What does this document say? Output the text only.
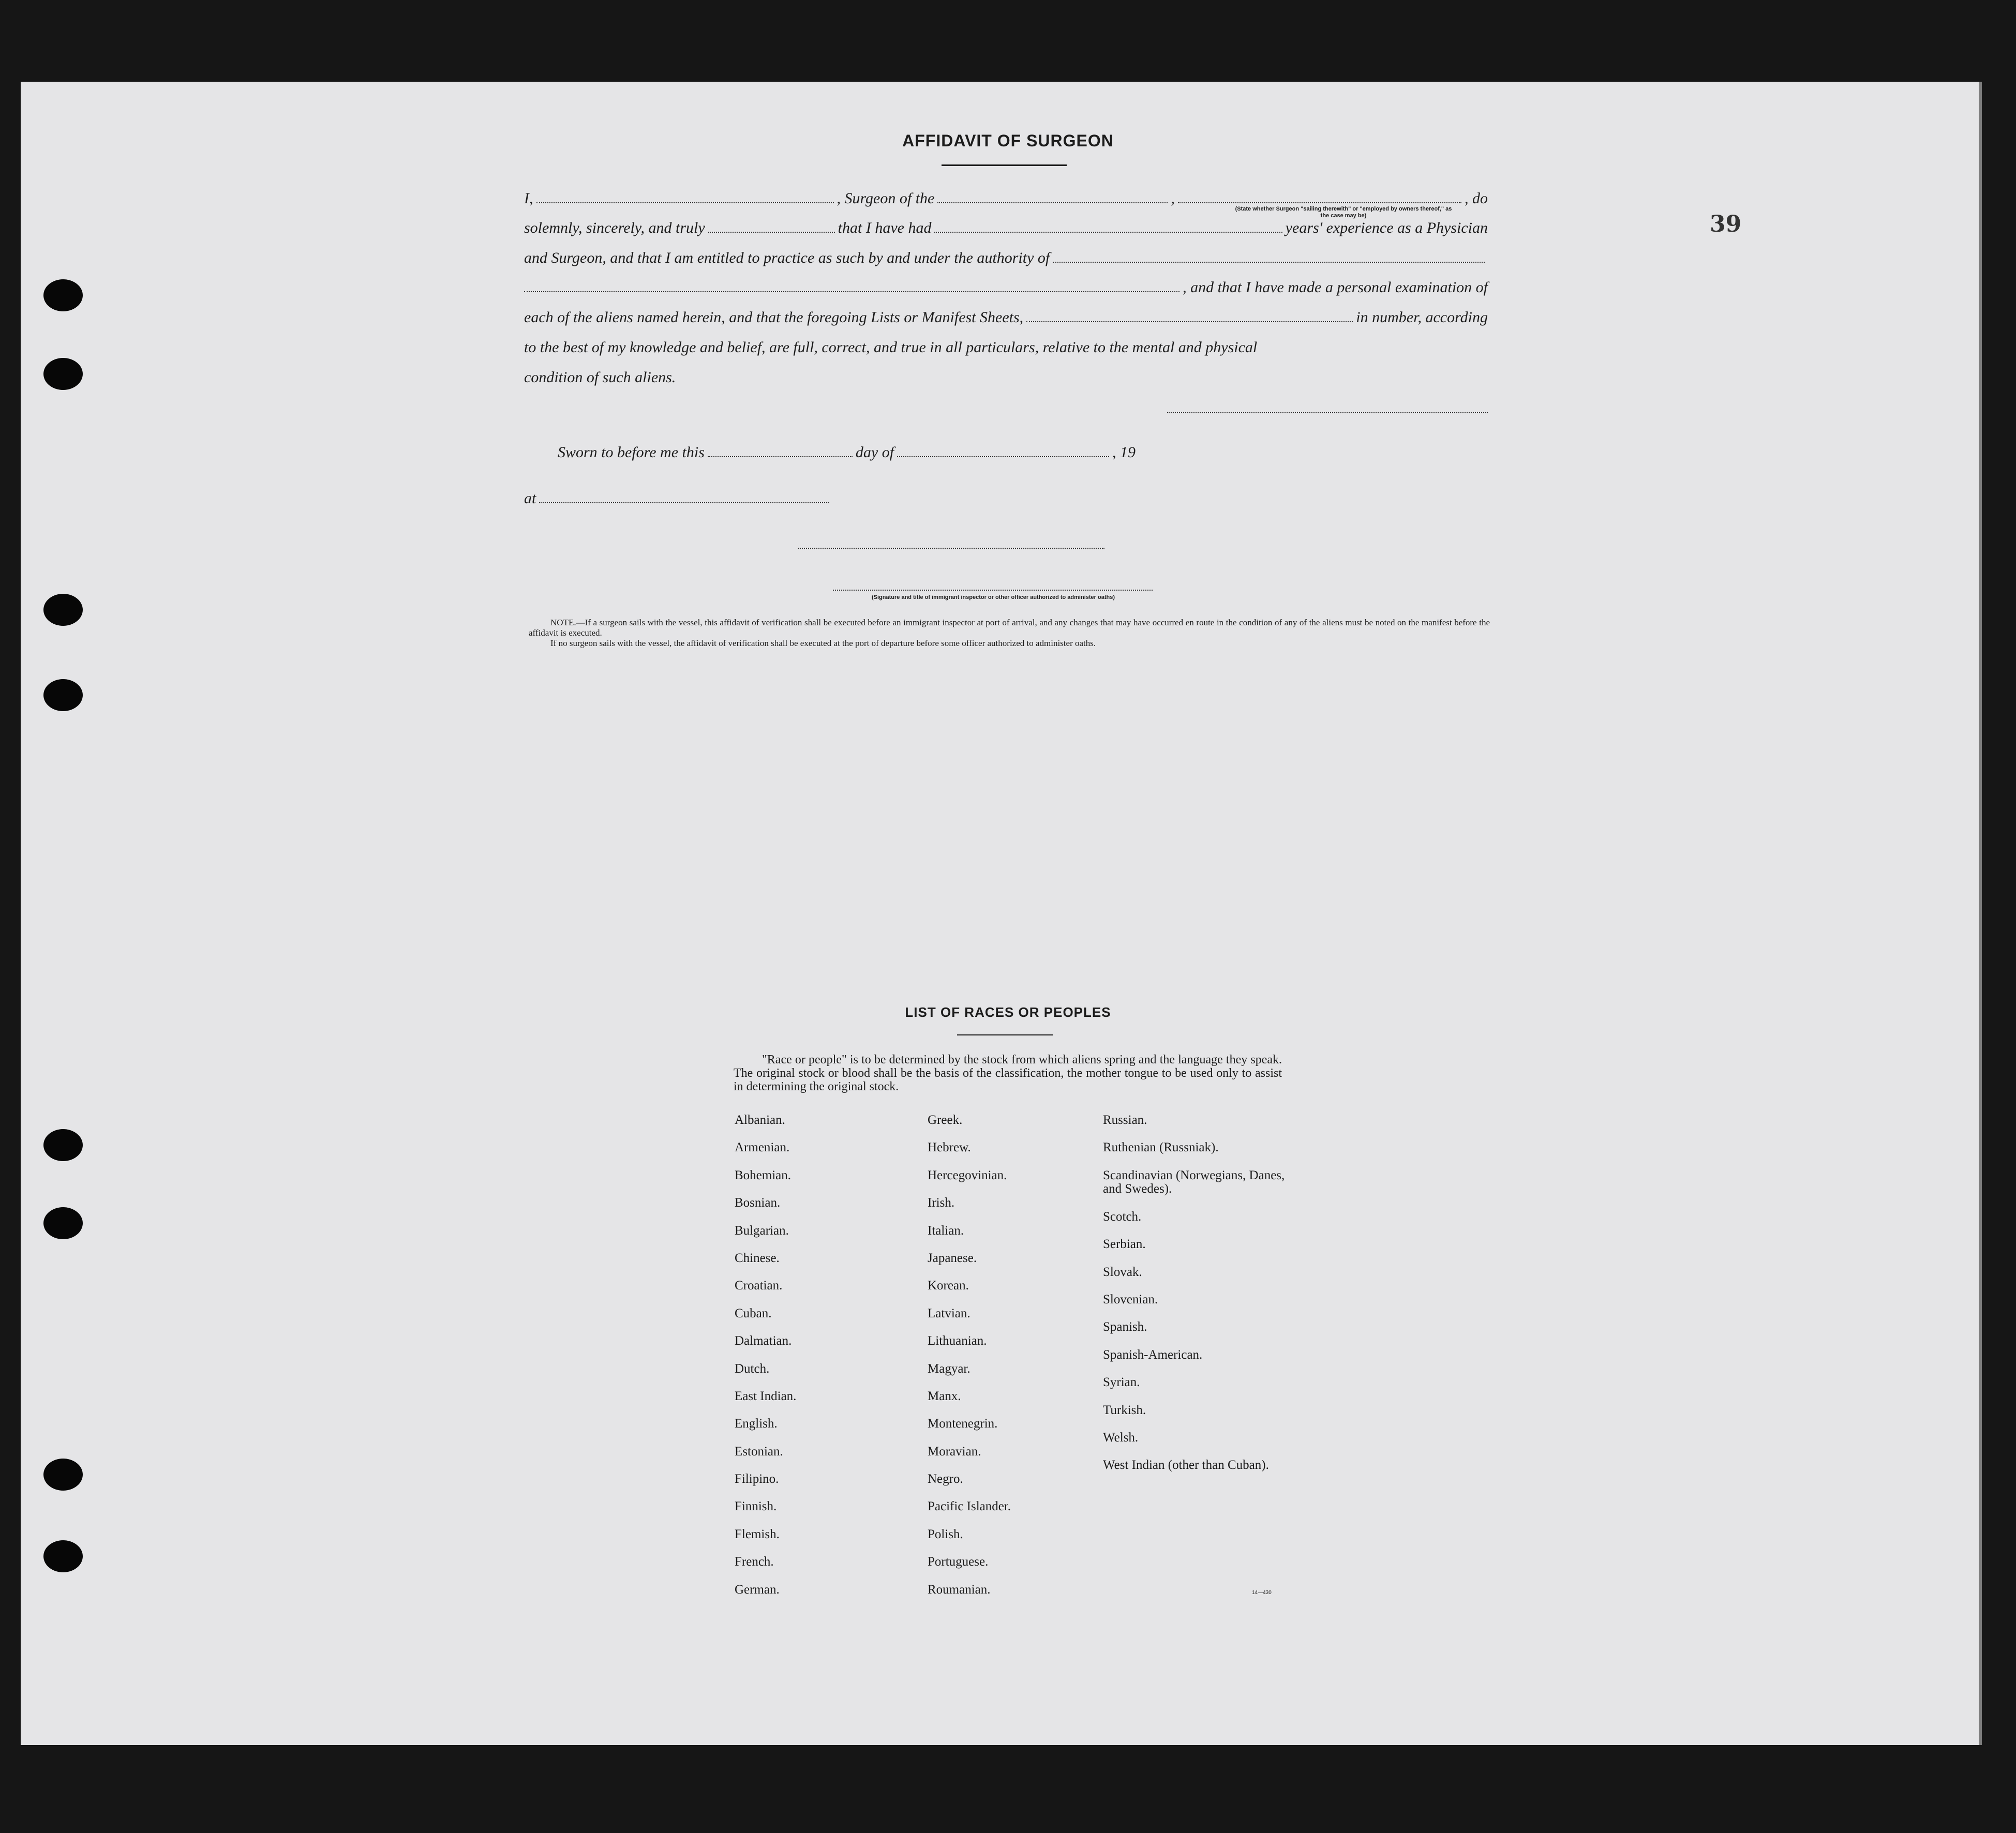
39
AFFIDAVIT OF SURGEON
I,	, Surgeon of the	,	, do
(State whether Surgeon "sailing therewith" or "employed by owners thereof," as the case may be)
solemnly, sincerely, and truly	that I have had	years' experience as a Physician
and Surgeon, and that I am entitled to practice as such by and under the authority of
, and that I have made a personal examination of
each of the aliens named herein, and that the foregoing Lists or Manifest Sheets,	in number, according
to the best of my knowledge and belief, are full, correct, and true in all particulars, relative to the mental and physical
condition of such aliens.
Sworn to before me this	day of	, 19
at
(Signature and title of immigrant inspector or other officer authorized to administer oaths)
NOTE.—If a surgeon sails with the vessel, this affidavit of verification shall be executed before an immigrant inspector at port of arrival, and any changes that may have occurred en route in the condition of any of the aliens must be noted on the manifest before the affidavit is executed.
If no surgeon sails with the vessel, the affidavit of verification shall be executed at the port of departure before some officer authorized to administer oaths.
LIST OF RACES OR PEOPLES
"Race or people" is to be determined by the stock from which aliens spring and the language they speak. The original stock or blood shall be the basis of the classification, the mother tongue to be used only to assist in determining the original stock.
Albanian.
Armenian.
Bohemian.
Bosnian.
Bulgarian.
Chinese.
Croatian.
Cuban.
Dalmatian.
Dutch.
East Indian.
English.
Estonian.
Filipino.
Finnish.
Flemish.
French.
German.
Greek.
Hebrew.
Hercegovinian.
Irish.
Italian.
Japanese.
Korean.
Latvian.
Lithuanian.
Magyar.
Manx.
Montenegrin.
Moravian.
Negro.
Pacific Islander.
Polish.
Portuguese.
Roumanian.
Russian.
Ruthenian (Russniak).
Scandinavian (Norwegians, Danes, and Swedes).
Scotch.
Serbian.
Slovak.
Slovenian.
Spanish.
Spanish-American.
Syrian.
Turkish.
Welsh.
West Indian (other than Cuban).
14—430
